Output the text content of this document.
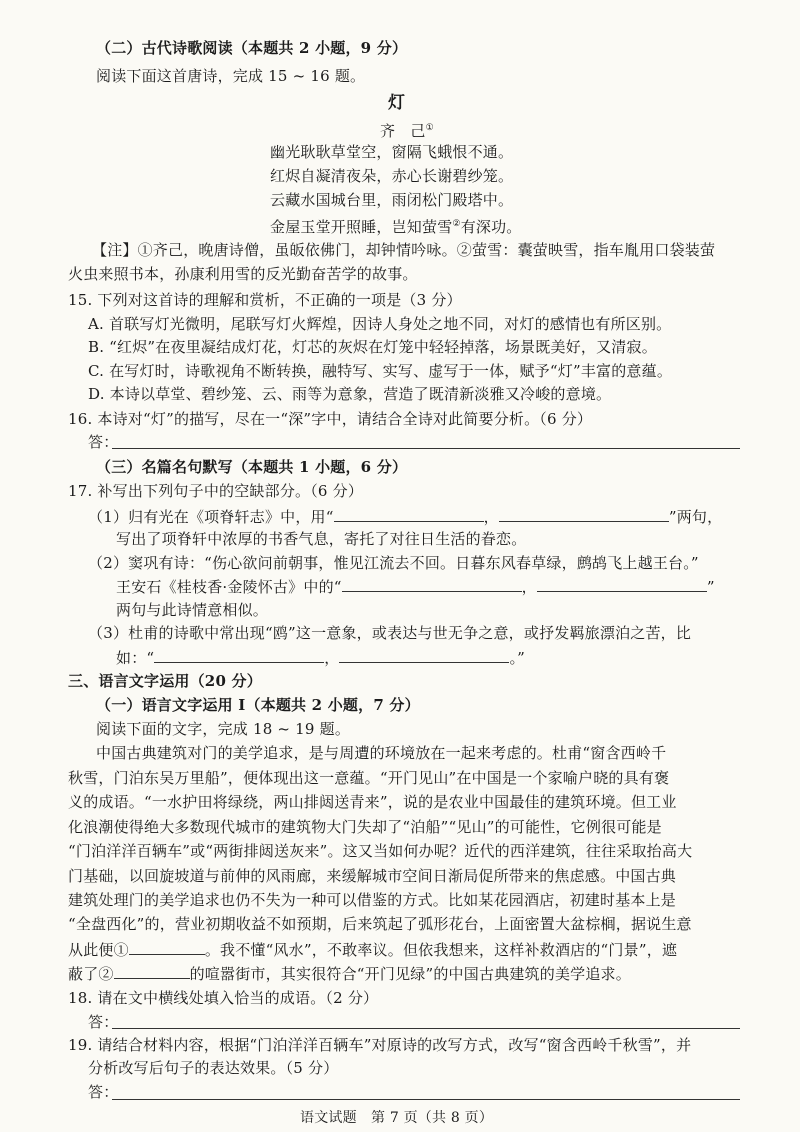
（二）古代诗歌阅读（本题共 2 小题，9 分）
阅读下面这首唐诗，完成 15 ~ 16 题。
灯
齐　己①
幽光耿耿草堂空，窗隔飞蛾恨不通。
红烬自凝清夜朵，赤心长谢碧纱笼。
云藏水国城台里，雨闭松门殿塔中。
金屋玉堂开照睡，岂知萤雪②有深功。
【注】①齐己，晚唐诗僧，虽皈依佛门，却钟情吟咏。②萤雪：囊萤映雪，指车胤用口袋装萤
火虫来照书本，孙康利用雪的反光勤奋苦学的故事。
15. 下列对这首诗的理解和赏析，不正确的一项是（3 分）
A. 首联写灯光微明，尾联写灯火辉煌，因诗人身处之地不同，对灯的感情也有所区别。
B. “红烬”在夜里凝结成灯花，灯芯的灰烬在灯笼中轻轻掉落，场景既美好，又清寂。
C. 在写灯时，诗歌视角不断转换，融特写、实写、虚写于一体，赋予“灯”丰富的意蕴。
D. 本诗以草堂、碧纱笼、云、雨等为意象，营造了既清新淡雅又冷峻的意境。
16. 本诗对“灯”的描写，尽在一“深”字中，请结合全诗对此简要分析。（6 分）
答：
（三）名篇名句默写（本题共 1 小题，6 分）
17. 补写出下列句子中的空缺部分。（6 分）
（1）归有光在《项脊轩志》中，用“	，	”两句，
写出了项脊轩中浓厚的书香气息，寄托了对往日生活的眷恋。
（2）窦巩有诗：“伤心欲问前朝事，惟见江流去不回。日暮东风春草绿，鹧鸪飞上越王台。”
王安石《桂枝香·金陵怀古》中的“	，	”
两句与此诗情意相似。
（3）杜甫的诗歌中常出现“鸥”这一意象，或表达与世无争之意，或抒发羁旅漂泊之苦，比
如：“	，	。”
三、语言文字运用（20 分）
（一）语言文字运用 Ⅰ（本题共 2 小题，7 分）
阅读下面的文字，完成 18 ~ 19 题。
中国古典建筑对门的美学追求，是与周遭的环境放在一起来考虑的。杜甫“窗含西岭千
秋雪，门泊东吴万里船”，便体现出这一意蕴。“开门见山”在中国是一个家喻户晓的具有褒
义的成语。“一水护田将绿绕，两山排闼送青来”，说的是农业中国最佳的建筑环境。但工业
化浪潮使得绝大多数现代城市的建筑物大门失却了“泊船”“见山”的可能性，它例很可能是
“门泊洋洋百辆车”或“两街排闼送灰来”。这又当如何办呢？近代的西洋建筑，往往采取抬高大
门基础，以回旋坡道与前伸的风雨廊，来缓解城市空间日渐局促所带来的焦虑感。中国古典
建筑处理门的美学追求也仍不失为一种可以借鉴的方式。比如某花园酒店，初建时基本上是
“全盘西化”的，营业初期收益不如预期，后来筑起了弧形花台，上面密置大盆棕榈，据说生意
从此便①	。我不懂“风水”，不敢率议。但依我想来，这样补救酒店的“门景”，遮
蔽了②	的喧嚣街市，其实很符合“开门见绿”的中国古典建筑的美学追求。
18. 请在文中横线处填入恰当的成语。（2 分）
答：
19. 请结合材料内容，根据“门泊洋洋百辆车”对原诗的改写方式，改写“窗含西岭千秋雪”，并
分析改写后句子的表达效果。（5 分）
答：
语文试题　第 7 页（共 8 页）
